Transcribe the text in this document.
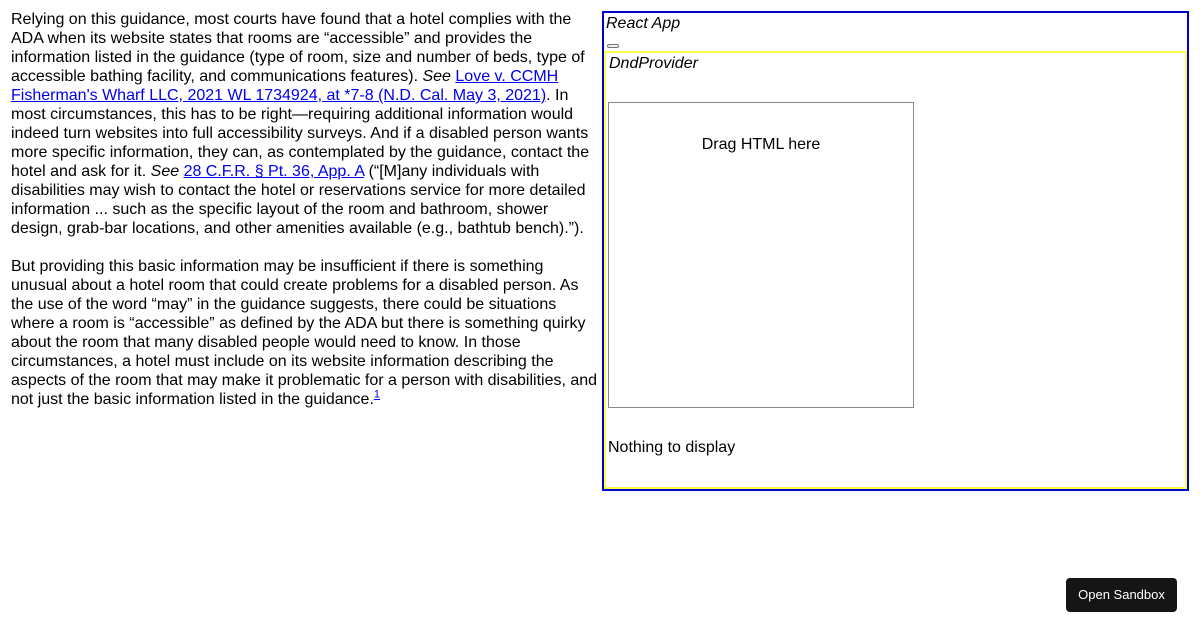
Relying on this guidance, most courts have found that a hotel complies with the ADA when its website states that rooms are “accessible” and provides the information listed in the guidance (type of room, size and number of beds, type of accessible bathing facility, and communications features). See Love v. CCMH Fisherman's Wharf LLC, 2021 WL 1734924, at *7-8 (N.D. Cal. May 3, 2021). In most circumstances, this has to be right—requiring additional information would indeed turn websites into full accessibility surveys. And if a disabled person wants more specific information, they can, as contemplated by the guidance, contact the hotel and ask for it. See 28 C.F.R. § Pt. 36, App. A (“[M]any individuals with disabilities may wish to contact the hotel or reservations service for more detailed information ... such as the specific layout of the room and bathroom, shower design, grab-bar locations, and other amenities available (e.g., bathtub bench).”).

But providing this basic information may be insufficient if there is something unusual about a hotel room that could create problems for a disabled person. As the use of the word “may” in the guidance suggests, there could be situations where a room is “accessible” as defined by the ADA but there is something quirky about the room that many disabled people would need to know. In those circumstances, a hotel must include on its website information describing the aspects of the room that may make it problematic for a person with disabilities, and not just the basic information listed in the guidance.$^1$

React App
DndProvider
Drag HTML here
Nothing to display
Open Sandbox
